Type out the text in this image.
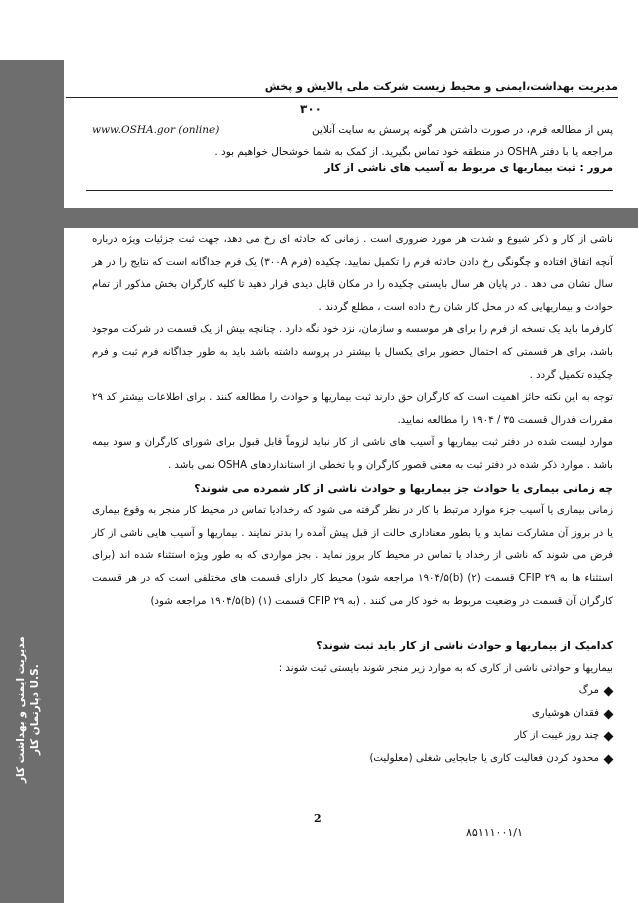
مدیریت ایمنی و بهداشت کار دپارتمان کار U.S.
مدیریت بهداشت،ایمنی و محیط زیست شرکت ملی پالایش و پخش
۳۰۰
پس از مطالعه فرم، در صورت داشتن هر گونه پرسش به سایت آنلاین
www.OSHA.gor (online)
مراجعه یا با دفتر OSHA در منطقه خود تماس بگیرید. از کمک به شما خوشحال خواهیم بود .
مرور : ثبت بیماریها ی مربوط به آسیب های ناشی از کار

ناشی از کار و ذکر شیوع و شدت هر مورد ضروری است . زمانی که حادثه ای رخ می دهد، جهت ثبت جزئیات ویژه درباره آنچه اتفاق افتاده و چگونگی رخ دادن حادثه فرم را تکمیل نمایید. چکیده (فرم ۳۰۰A) یک فرم جداگانه است که نتایج را در هر سال نشان می دهد . در پایان هر سال بایستی چکیده را در مکان قابل دیدی قرار دهید تا کلیه کارگران بخش مذکور از تمام حوادث و بیماریهایی که در محل کار شان رخ داده است ، مطلع گردند .

کارفرما باید یک نسخه از فرم را برای هر موسسه و سازمان، نزد خود نگه دارد . چنانچه بیش از یک قسمت در شرکت موجود باشد، برای هر قسمتی که احتمال حضور برای یکسال یا بیشتر در پروسه داشته باشد باید به طور جداگانه فرم ثبت و فرم چکیده تکمیل گردد .

توجه به این نکته حائز اهمیت است که کارگران حق دارند ثبت بیماریها و حوادث را مطالعه کنند . برای اطلاعات بیشتر کد ۲۹ مقررات فدرال قسمت ۳۵ / ۱۹۰۴ را مطالعه نمایید.

موارد لیست شده در دفتر ثبت بیماریها و آسیب های ناشی از کار نباید لزوماً قابل قبول برای شورای کارگران و سود بیمه باشد . موارد ذکر شده در دفتر ثبت به معنی قصور کارگران و یا تخطی از استانداردهای OSHA نمی باشد .

چه زمانی بیماری یا حوادث جز بیماریها و حوادث ناشی از کار شمرده می شوند؟

زمانی بیماری یا آسیب جزء موارد مرتبط با کار در نظر گرفته می شود که رخدادیا تماس در محیط کار منجر به وقوع بیماری یا در بروز آن مشارکت نماید و یا بطور معناداری حالت از قبل پیش آمده را بدتر نمایند . بیماریها و آسیب هایی ناشی از کار فرض می شوند که ناشی از رخداد یا تماس در محیط کار بروز نماید . بجز مواردی که به طور ویژه استثناء شده اند (برای استثناء ها به ۲۹ CFIP قسمت (۲) (b)۱۹۰۴/۵ مراجعه شود) محیط کار دارای قسمت های مختلفی است که در هر قسمت کارگران آن قسمت در وضعیت مربوط به خود کار می کنند . (به ۲۹ CFIP قسمت (۱) (b)۱۹۰۴/۵ مراجعه شود)

کدامیک از بیماریها و حوادث ناشی از کار باید ثبت شوند؟

بیماریها و حوادثی ناشی از کاری که به موارد زیر منجر شوند بایستی ثبت شوند :

مرگ
فقدان هوشیاری
چند روز غیبت از کار
محدود کردن فعالیت کاری یا جابجایی شغلی (معلولیت)
2
۸۵۱۱۱۰۰۱/۱
